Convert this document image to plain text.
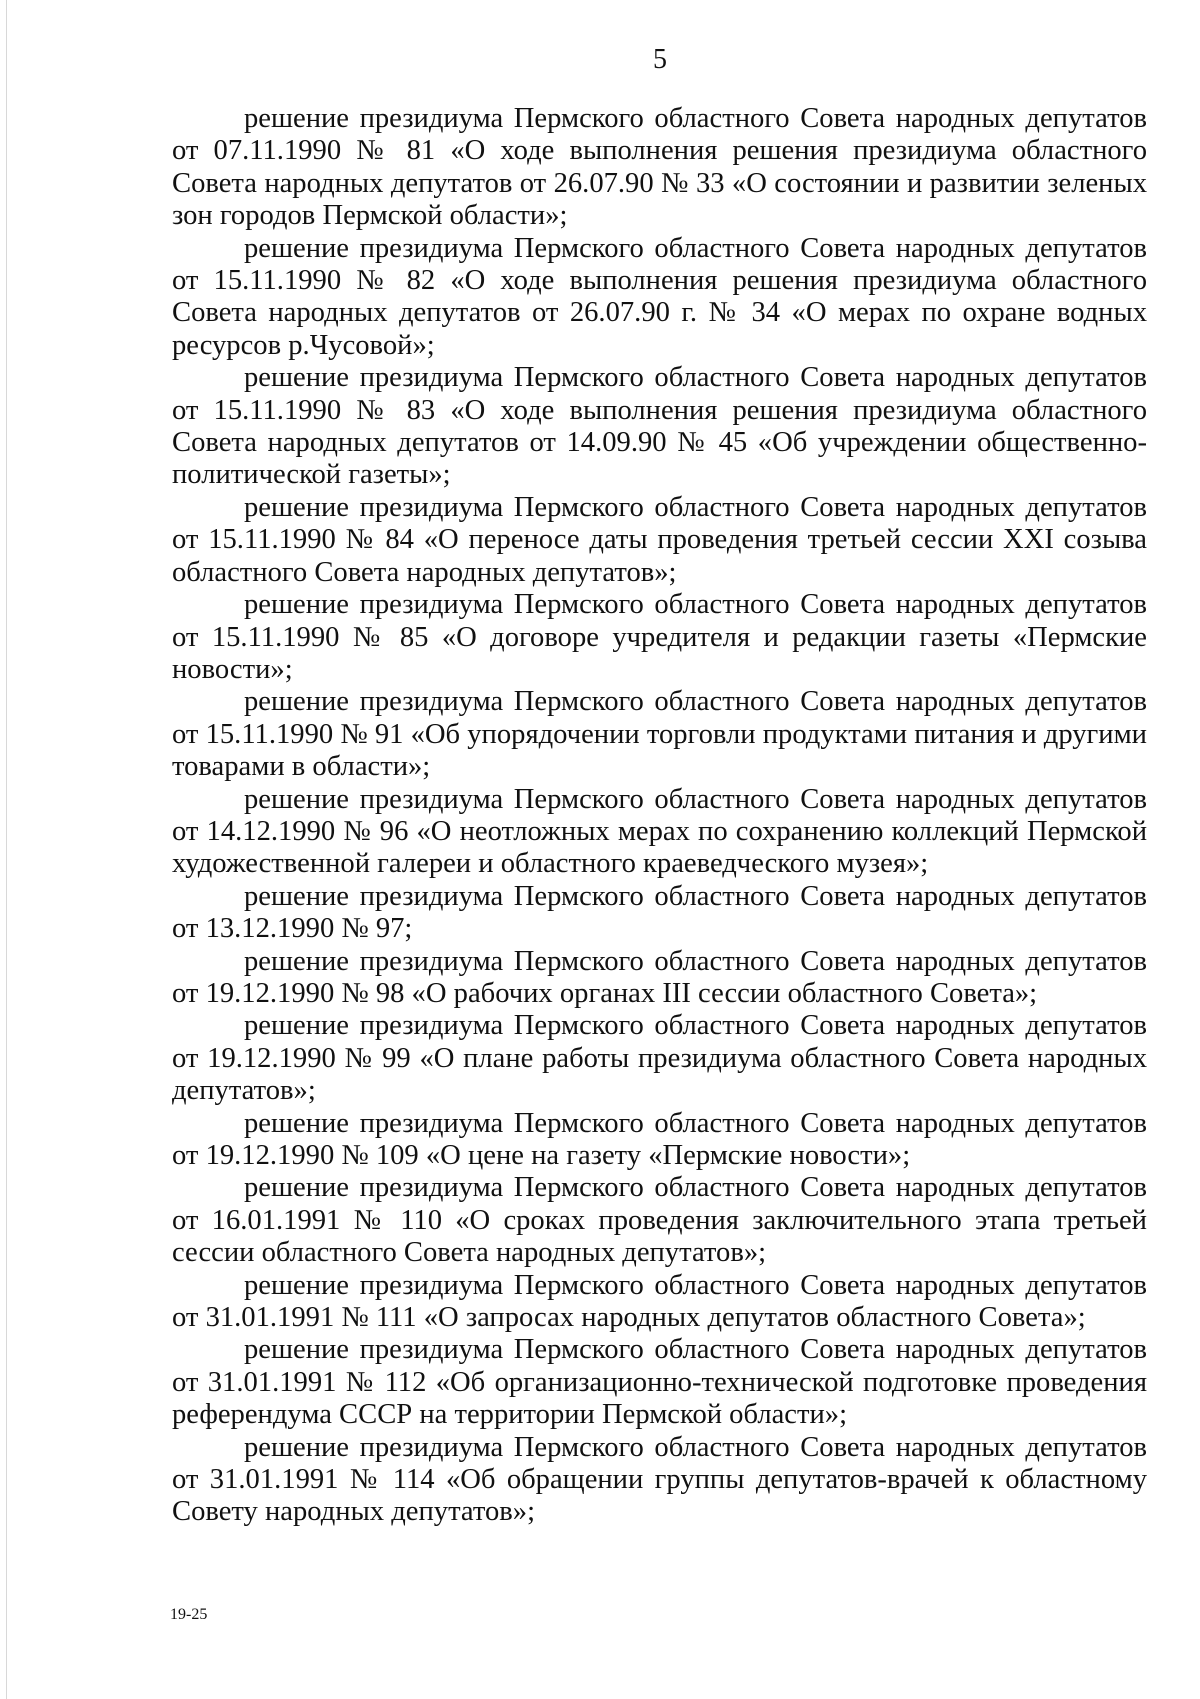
5

решение президиума Пермского областного Совета народных депутатов от 07.11.1990 № 81 «О ходе выполнения решения президиума областного Совета народных депутатов от 26.07.90 № 33 «О состоянии и развитии зеленых зон городов Пермской области»;

решение президиума Пермского областного Совета народных депутатов от 15.11.1990 № 82 «О ходе выполнения решения президиума областного Совета народных депутатов от 26.07.90 г. № 34 «О мерах по охране водных ресурсов р.Чусовой»;

решение президиума Пермского областного Совета народных депутатов от 15.11.1990 № 83 «О ходе выполнения решения президиума областного Совета народных депутатов от 14.09.90 № 45 «Об учреждении общественно-политической газеты»;

решение президиума Пермского областного Совета народных депутатов от 15.11.1990 № 84 «О переносе даты проведения третьей сессии XXI созыва областного Совета народных депутатов»;

решение президиума Пермского областного Совета народных депутатов от 15.11.1990 № 85 «О договоре учредителя и редакции газеты «Пермские новости»;

решение президиума Пермского областного Совета народных депутатов от 15.11.1990 № 91 «Об упорядочении торговли продуктами питания и другими товарами в области»;

решение президиума Пермского областного Совета народных депутатов от 14.12.1990 № 96 «О неотложных мерах по сохранению коллекций Пермской художественной галереи и областного краеведческого музея»;

решение президиума Пермского областного Совета народных депутатов от 13.12.1990 № 97;

решение президиума Пермского областного Совета народных депутатов от 19.12.1990 № 98 «О рабочих органах III сессии областного Совета»;

решение президиума Пермского областного Совета народных депутатов от 19.12.1990 № 99 «О плане работы президиума областного Совета народных депутатов»;

решение президиума Пермского областного Совета народных депутатов от 19.12.1990 № 109 «О цене на газету «Пермские новости»;

решение президиума Пермского областного Совета народных депутатов от 16.01.1991 № 110 «О сроках проведения заключительного этапа третьей сессии областного Совета народных депутатов»;

решение президиума Пермского областного Совета народных депутатов от 31.01.1991 № 111 «О запросах народных депутатов областного Совета»;

решение президиума Пермского областного Совета народных депутатов от 31.01.1991 № 112 «Об организационно-технической подготовке проведения референдума СССР на территории Пермской области»;

решение президиума Пермского областного Совета народных депутатов от 31.01.1991 № 114 «Об обращении группы депутатов-врачей к областному Совету народных депутатов»;

19-25
